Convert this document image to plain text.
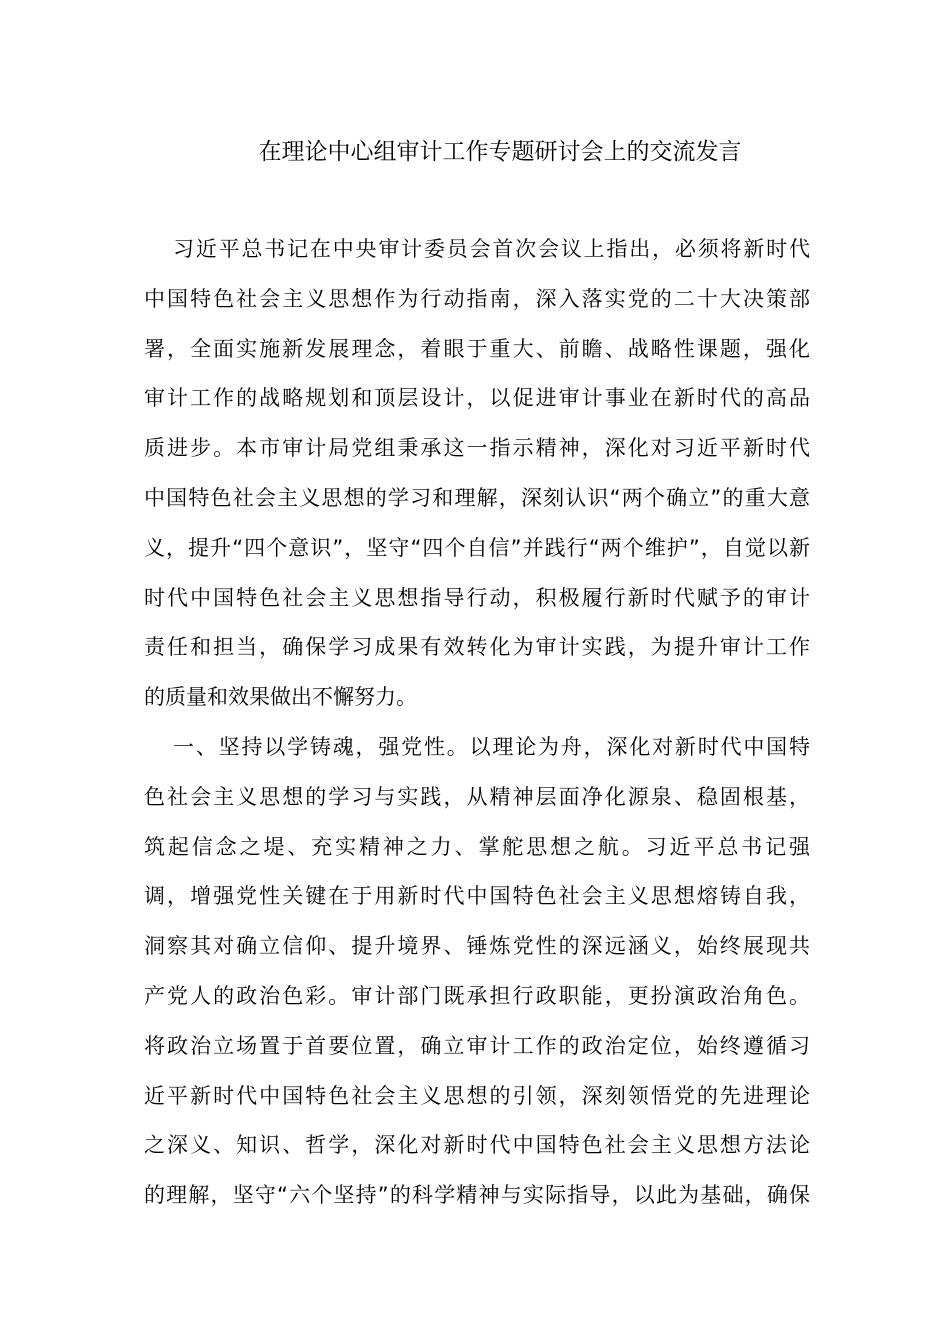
在理论中心组审计工作专题研讨会上的交流发言
习近平总书记在中央审计委员会首次会议上指出，必须将新时代
中国特色社会主义思想作为行动指南，深入落实党的二十大决策部
署，全面实施新发展理念，着眼于重大、前瞻、战略性课题，强化
审计工作的战略规划和顶层设计，以促进审计事业在新时代的高品
质进步。本市审计局党组秉承这一指示精神，深化对习近平新时代
中国特色社会主义思想的学习和理解，深刻认识“两个确立”的重大意
义，提升“四个意识”，坚守“四个自信”并践行“两个维护”，自觉以新
时代中国特色社会主义思想指导行动，积极履行新时代赋予的审计
责任和担当，确保学习成果有效转化为审计实践，为提升审计工作
的质量和效果做出不懈努力。
一、坚持以学铸魂，强党性。以理论为舟，深化对新时代中国特
色社会主义思想的学习与实践，从精神层面净化源泉、稳固根基，
筑起信念之堤、充实精神之力、掌舵思想之航。习近平总书记强
调，增强党性关键在于用新时代中国特色社会主义思想熔铸自我，
洞察其对确立信仰、提升境界、锤炼党性的深远涵义，始终展现共
产党人的政治色彩。审计部门既承担行政职能，更扮演政治角色。
将政治立场置于首要位置，确立审计工作的政治定位，始终遵循习
近平新时代中国特色社会主义思想的引领，深刻领悟党的先进理论
之深义、知识、哲学，深化对新时代中国特色社会主义思想方法论
的理解，坚守“六个坚持”的科学精神与实际指导，以此为基础，确保
